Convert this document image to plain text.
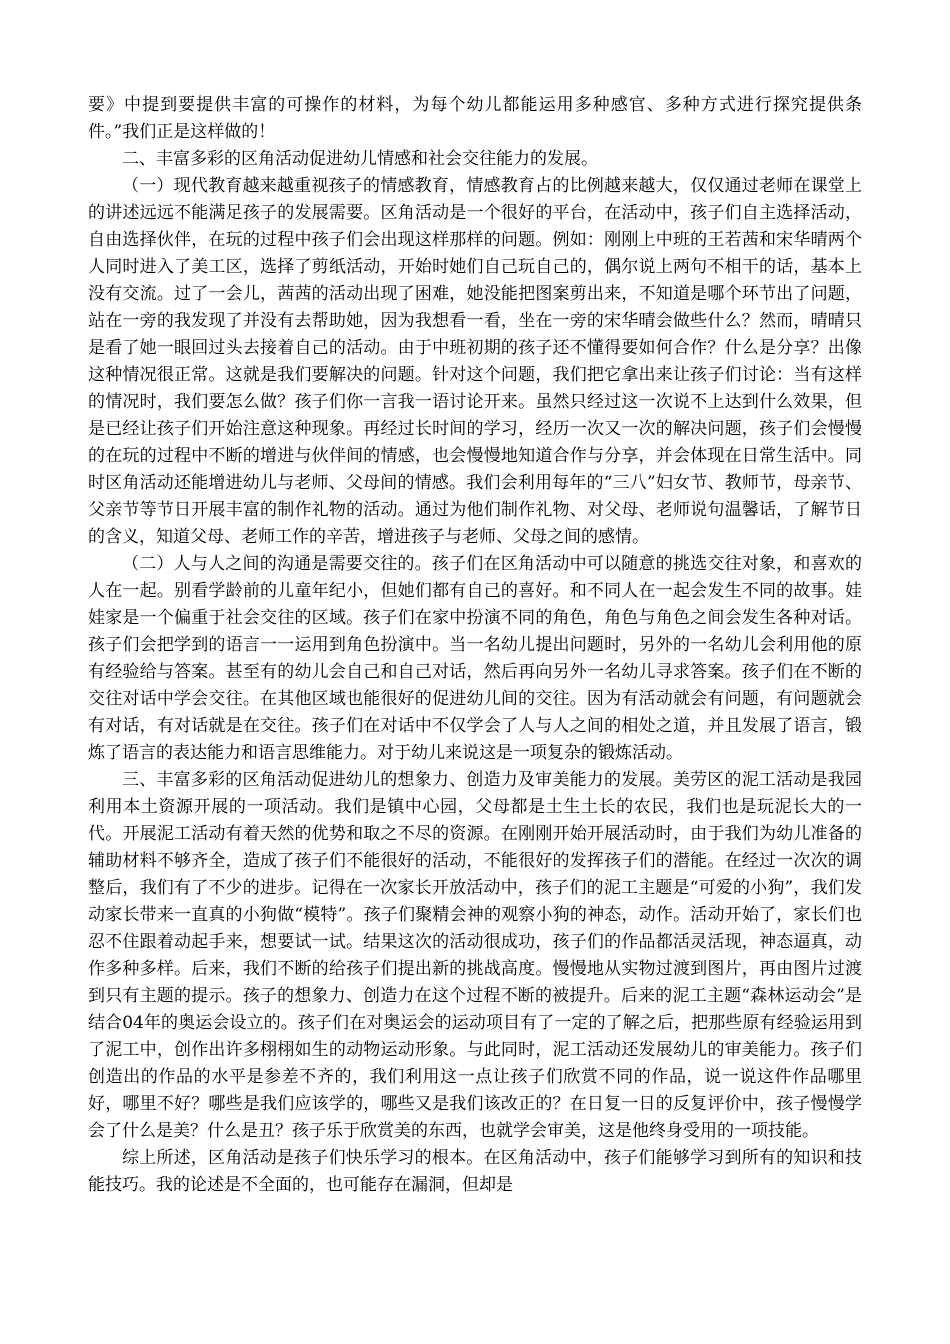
要》中提到要提供丰富的可操作的材料，为每个幼儿都能运用多种感官、多种方式进行探究提供条件。”我们正是这样做的！

二、丰富多彩的区角活动促进幼儿情感和社会交往能力的发展。

（一）现代教育越来越重视孩子的情感教育，情感教育占的比例越来越大，仅仅通过老师在课堂上的讲述远远不能满足孩子的发展需要。区角活动是一个很好的平台，在活动中，孩子们自主选择活动，自由选择伙伴，在玩的过程中孩子们会出现这样那样的问题。例如：刚刚上中班的王若茜和宋华晴两个人同时进入了美工区，选择了剪纸活动，开始时她们自己玩自己的，偶尔说上两句不相干的话，基本上没有交流。过了一会儿，茜茜的活动出现了困难，她没能把图案剪出来，不知道是哪个环节出了问题，站在一旁的我发现了并没有去帮助她，因为我想看一看，坐在一旁的宋华晴会做些什么？然而，晴晴只是看了她一眼回过头去接着自己的活动。由于中班初期的孩子还不懂得要如何合作？什么是分享？出像这种情况很正常。这就是我们要解决的问题。针对这个问题，我们把它拿出来让孩子们讨论：当有这样的情况时，我们要怎么做？孩子们你一言我一语讨论开来。虽然只经过这一次说不上达到什么效果，但是已经让孩子们开始注意这种现象。再经过长时间的学习，经历一次又一次的解决问题，孩子们会慢慢的在玩的过程中不断的增进与伙伴间的情感，也会慢慢地知道合作与分享，并会体现在日常生活中。同时区角活动还能增进幼儿与老师、父母间的情感。我们会利用每年的“三八”妇女节、教师节，母亲节、父亲节等节日开展丰富的制作礼物的活动。通过为他们制作礼物、对父母、老师说句温馨话，了解节日的含义，知道父母、老师工作的辛苦，增进孩子与老师、父母之间的感情。

（二）人与人之间的沟通是需要交往的。孩子们在区角活动中可以随意的挑选交往对象，和喜欢的人在一起。别看学龄前的儿童年纪小，但她们都有自己的喜好。和不同人在一起会发生不同的故事。娃娃家是一个偏重于社会交往的区域。孩子们在家中扮演不同的角色，角色与角色之间会发生各种对话。孩子们会把学到的语言一一运用到角色扮演中。当一名幼儿提出问题时，另外的一名幼儿会利用他的原有经验给与答案。甚至有的幼儿会自己和自己对话，然后再向另外一名幼儿寻求答案。孩子们在不断的交往对话中学会交往。在其他区域也能很好的促进幼儿间的交往。因为有活动就会有问题，有问题就会有对话，有对话就是在交往。孩子们在对话中不仅学会了人与人之间的相处之道，并且发展了语言，锻炼了语言的表达能力和语言思维能力。对于幼儿来说这是一项复杂的锻炼活动。

三、丰富多彩的区角活动促进幼儿的想象力、创造力及审美能力的发展。美劳区的泥工活动是我园利用本土资源开展的一项活动。我们是镇中心园，父母都是土生土长的农民，我们也是玩泥长大的一代。开展泥工活动有着天然的优势和取之不尽的资源。在刚刚开始开展活动时，由于我们为幼儿准备的辅助材料不够齐全，造成了孩子们不能很好的活动，不能很好的发挥孩子们的潜能。在经过一次次的调整后，我们有了不少的进步。记得在一次家长开放活动中，孩子们的泥工主题是“可爱的小狗”，我们发动家长带来一直真的小狗做“模特”。孩子们聚精会神的观察小狗的神态，动作。活动开始了，家长们也忍不住跟着动起手来，想要试一试。结果这次的活动很成功，孩子们的作品都活灵活现，神态逼真，动作多种多样。后来，我们不断的给孩子们提出新的挑战高度。慢慢地从实物过渡到图片，再由图片过渡到只有主题的提示。孩子的想象力、创造力在这个过程不断的被提升。后来的泥工主题“森林运动会”是结合04年的奥运会设立的。孩子们在对奥运会的运动项目有了一定的了解之后，把那些原有经验运用到了泥工中，创作出许多栩栩如生的动物运动形象。与此同时，泥工活动还发展幼儿的审美能力。孩子们创造出的作品的水平是参差不齐的，我们利用这一点让孩子们欣赏不同的作品，说一说这件作品哪里好，哪里不好？哪些是我们应该学的，哪些又是我们该改正的？在日复一日的反复评价中，孩子慢慢学会了什么是美？什么是丑？孩子乐于欣赏美的东西，也就学会审美，这是他终身受用的一项技能。

综上所述，区角活动是孩子们快乐学习的根本。在区角活动中，孩子们能够学习到所有的知识和技能技巧。我的论述是不全面的，也可能存在漏洞，但却是
